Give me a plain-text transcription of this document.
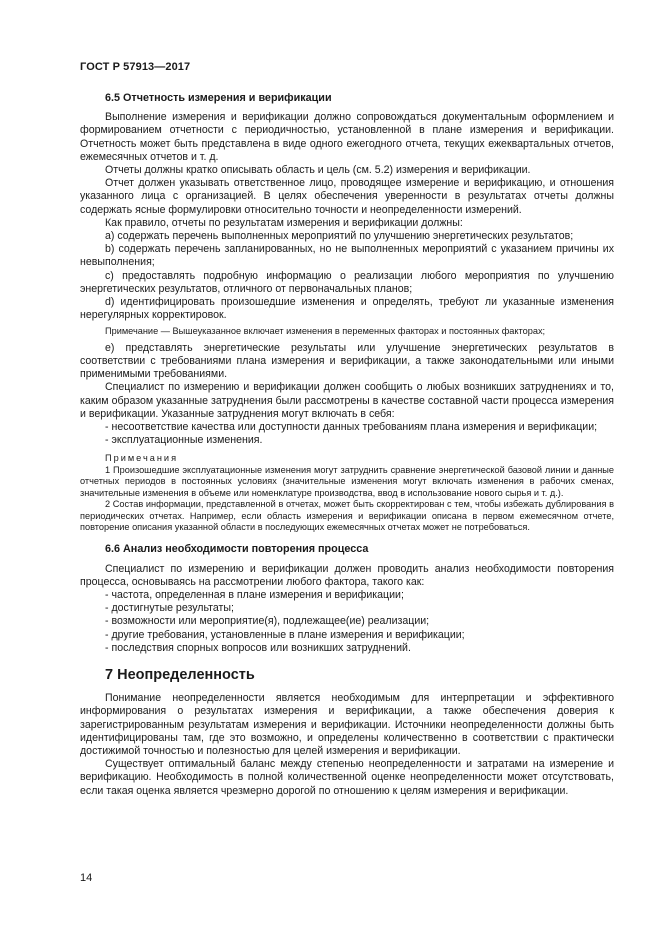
ГОСТ Р 57913—2017
6.5 Отчетность измерения и верификации

Выполнение измерения и верификации должно сопровождаться документальным оформлением и формированием отчетности с периодичностью, установленной в плане измерения и верификации. Отчетность может быть представлена в виде одного ежегодного отчета, текущих ежеквартальных отчетов, ежемесячных отчетов и т. д.

Отчеты должны кратко описывать область и цель (см. 5.2) измерения и верификации.

Отчет должен указывать ответственное лицо, проводящее измерение и верификацию, и отношения указанного лица с организацией. В целях обеспечения уверенности в результатах отчеты должны содержать ясные формулировки относительно точности и неопределенности измерений.

Как правило, отчеты по результатам измерения и верификации должны:

a) содержать перечень выполненных мероприятий по улучшению энергетических результатов;

b) содержать перечень запланированных, но не выполненных мероприятий с указанием причины их невыполнения;

c) предоставлять подробную информацию о реализации любого мероприятия по улучшению энергетических результатов, отличного от первоначальных планов;

d) идентифицировать произошедшие изменения и определять, требуют ли указанные изменения нерегулярных корректировок.

Примечание — Вышеуказанное включает изменения в переменных факторах и постоянных факторах;

e) представлять энергетические результаты или улучшение энергетических результатов в соответствии с требованиями плана измерения и верификации, а также законодательными или иными применимыми требованиями.

Специалист по измерению и верификации должен сообщить о любых возникших затруднениях и то, каким образом указанные затруднения были рассмотрены в качестве составной части процесса измерения и верификации. Указанные затруднения могут включать в себя:

- несоответствие качества или доступности данных требованиям плана измерения и верификации;

- эксплуатационные изменения.

Примечания

1 Произошедшие эксплуатационные изменения могут затруднить сравнение энергетической базовой линии и данные отчетных периодов в постоянных условиях (значительные изменения могут включать изменения в рабочих сменах, значительные изменения в объеме или номенклатуре производства, ввод в использование нового сырья и т. д.).

2 Состав информации, представленной в отчетах, может быть скорректирован с тем, чтобы избежать дублирования в периодических отчетах. Например, если область измерения и верификации описана в первом ежемесячном отчете, повторение описания указанной области в последующих ежемесячных отчетах может не потребоваться.

6.6 Анализ необходимости повторения процесса

Специалист по измерению и верификации должен проводить анализ необходимости повторения процесса, основываясь на рассмотрении любого фактора, такого как:

- частота, определенная в плане измерения и верификации;

- достигнутые результаты;

- возможности или мероприятие(я), подлежащее(ие) реализации;

- другие требования, установленные в плане измерения и верификации;

- последствия спорных вопросов или возникших затруднений.

7 Неопределенность

Понимание неопределенности является необходимым для интерпретации и эффективного информирования о результатах измерения и верификации, а также обеспечения доверия к зарегистрированным результатам измерения и верификации. Источники неопределенности должны быть идентифицированы там, где это возможно, и определены количественно в соответствии с практически достижимой точностью и полезностью для целей измерения и верификации.

Существует оптимальный баланс между степенью неопределенности и затратами на измерение и верификацию. Необходимость в полной количественной оценке неопределенности может отсутствовать, если такая оценка является чрезмерно дорогой по отношению к целям измерения и верификации.

14
